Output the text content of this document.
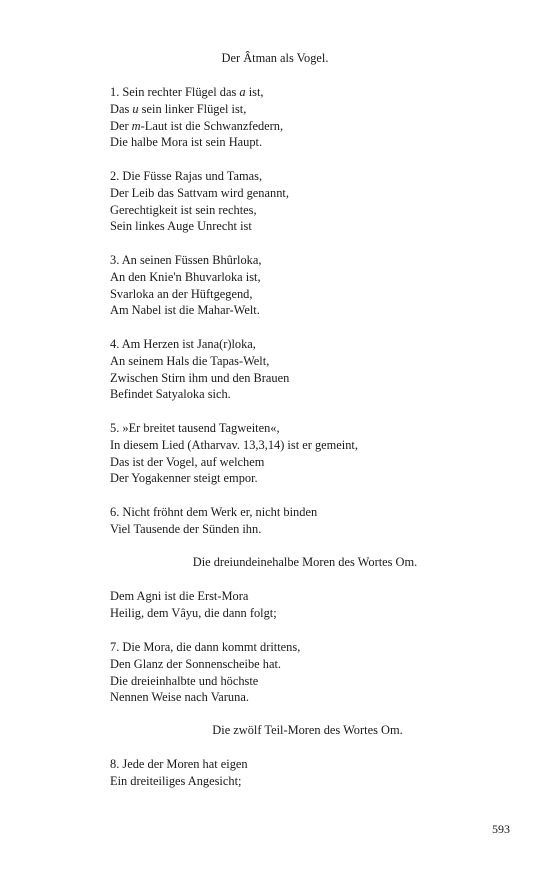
Der Âtman als Vogel.
1. Sein rechter Flügel das a ist,
Das u sein linker Flügel ist,
Der m-Laut ist die Schwanzfedern,
Die halbe Mora ist sein Haupt.
2. Die Füsse Rajas und Tamas,
Der Leib das Sattvam wird genannt,
Gerechtigkeit ist sein rechtes,
Sein linkes Auge Unrecht ist
3. An seinen Füssen Bhûrloka,
An den Knie'n Bhuvarloka ist,
Svarloka an der Hüftgegend,
Am Nabel ist die Mahar-Welt.
4. Am Herzen ist Jana(r)loka,
An seinem Hals die Tapas-Welt,
Zwischen Stirn ihm und den Brauen
Befindet Satyaloka sich.
5. »Er breitet tausend Tagweiten«,
In diesem Lied (Atharvav. 13,3,14) ist er gemeint,
Das ist der Vogel, auf welchem
Der Yogakenner steigt empor.
6. Nicht fröhnt dem Werk er, nicht binden
Viel Tausende der Sünden ihn.
Die dreiundeinehalbe Moren des Wortes Om.
Dem Agni ist die Erst-Mora
Heilig, dem Vâyu, die dann folgt;
7. Die Mora, die dann kommt drittens,
Den Glanz der Sonnenscheibe hat.
Die dreieinhalbte und höchste
Nennen Weise nach Varuna.
Die zwölf Teil-Moren des Wortes Om.
8. Jede der Moren hat eigen
Ein dreiteiliges Angesicht;
593
